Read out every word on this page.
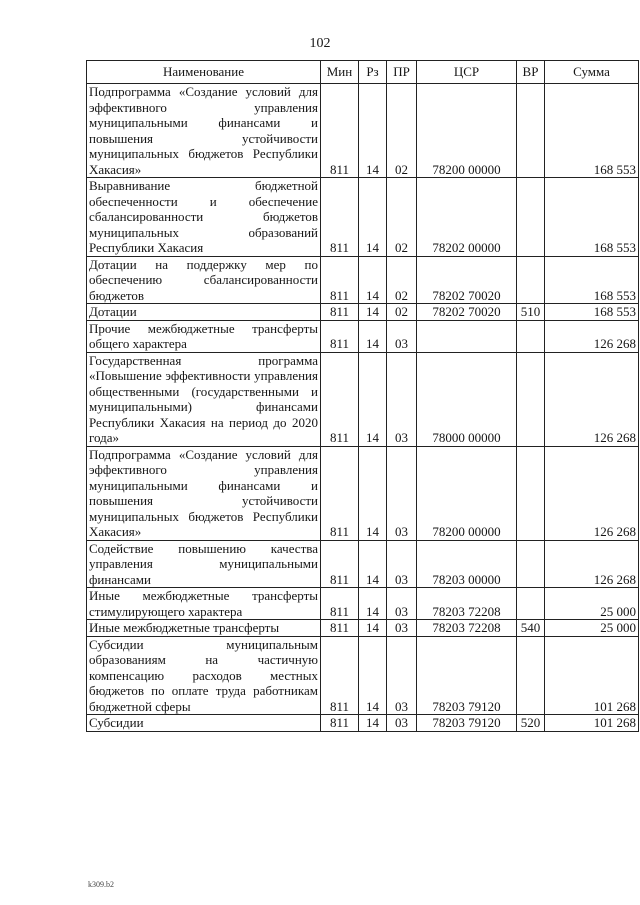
102
Наименование	Мин	Рз	ПР	ЦСР	ВР	Сумма
Подпрограмма «Создание условий для эффективного управления муниципальными финансами и повышения устойчивости муниципальных бюджетов Республики Хакасия»	811	14	02	78200 00000		168 553
Выравнивание бюджетной обеспеченности и обеспечение сбалансированности бюджетов муниципальных образований Республики Хакасия	811	14	02	78202 00000		168 553
Дотации на поддержку мер по обеспечению сбалансированности бюджетов	811	14	02	78202 70020		168 553
Дотации	811	14	02	78202 70020	510	168 553
Прочие межбюджетные трансферты общего характера	811	14	03			126 268
Государственная программа «Повышение эффективности управления общественными (государственными и муниципальными) финансами Республики Хакасия на период до 2020 года»	811	14	03	78000 00000		126 268
Подпрограмма «Создание условий для эффективного управления муниципальными финансами и повышения устойчивости муниципальных бюджетов Республики Хакасия»	811	14	03	78200 00000		126 268
Содействие повышению качества управления муниципальными финансами	811	14	03	78203 00000		126 268
Иные межбюджетные трансферты стимулирующего характера	811	14	03	78203 72208		25 000
Иные межбюджетные трансферты	811	14	03	78203 72208	540	25 000
Субсидии муниципальным образованиям на частичную компенсацию расходов местных бюджетов по оплате труда работникам бюджетной сферы	811	14	03	78203 79120		101 268
Субсидии	811	14	03	78203 79120	520	101 268
k309.b2
